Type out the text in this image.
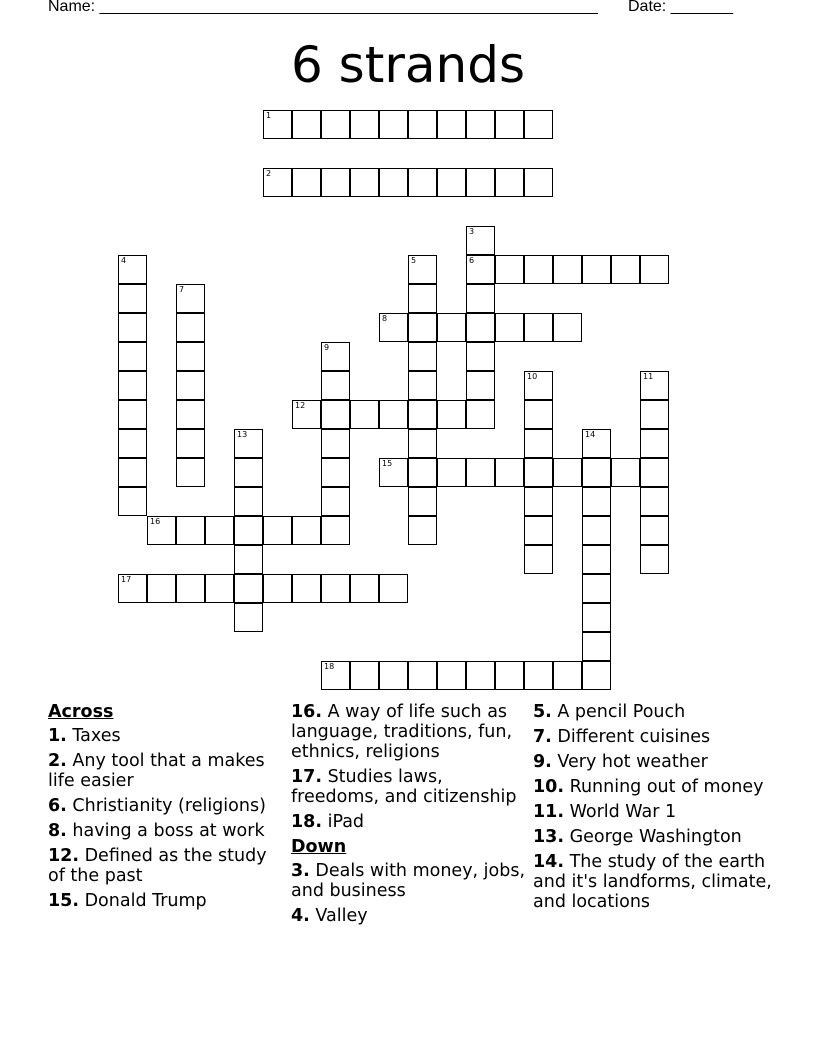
Name: ________________________________________________________ Date: _______
6 strands
1
2
3
4	5	6
7
8
9
10	11
12
13	14
15
16
17
18
Across
1. Taxes
2. Any tool that a makes life easier
6. Christianity (religions)
8. having a boss at work
12. Defined as the study of the past
15. Donald Trump
16. A way of life such as language, traditions, fun, ethnics, religions
17. Studies laws, freedoms, and citizenship
18. iPad
Down
3. Deals with money, jobs, and business
4. Valley
5. A pencil Pouch
7. Different cuisines
9. Very hot weather
10. Running out of money
11. World War 1
13. George Washington
14. The study of the earth and it's landforms, climate, and locations
